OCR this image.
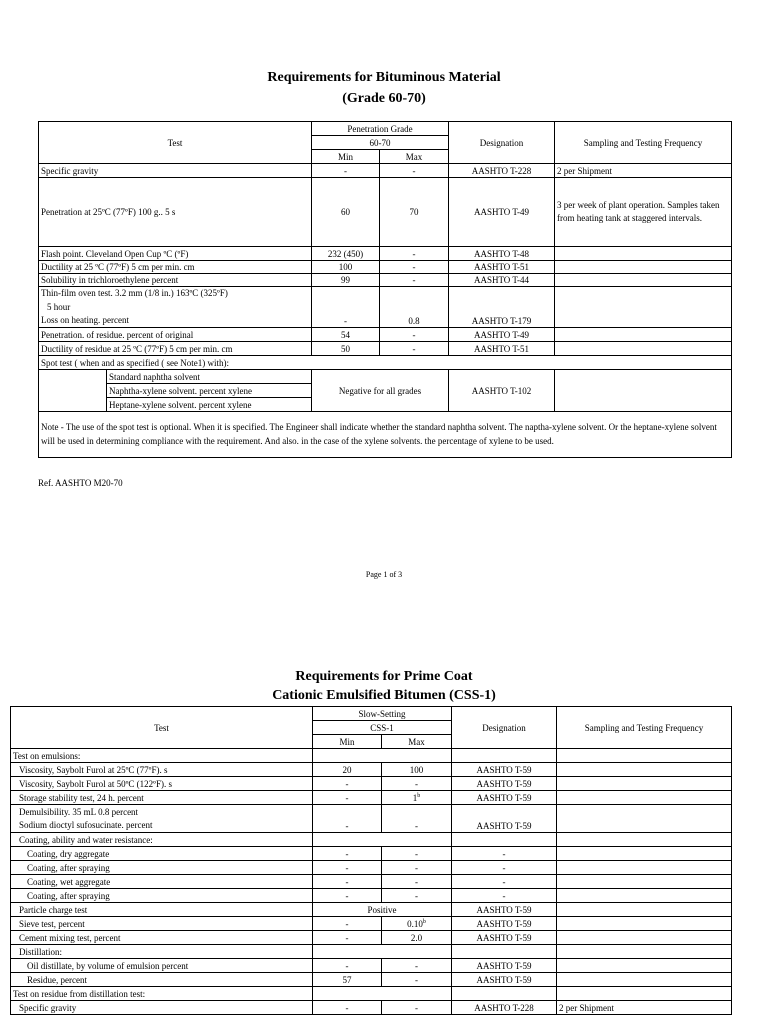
Requirements for Bituminous Material
(Grade 60-70)
Test		Penetration Grade		Designation	Sampling and Testing Frequency
		60-70			
		Min	Max		
Specific gravity		-	-	AASHTO T-228	2 per Shipment
Penetration at 25ºC (77ºF) 100 g.. 5 s		60	70	AASHTO T-49	3 per week of plant operation. Samples taken from heating tank at staggered intervals.
Flash point. Cleveland Open Cup ºC (ºF)		232 (450)	-	AASHTO T-48	
Ductility at 25 ºC (77ºF) 5 cm per min. cm		100	-	AASHTO T-51	
Solubility in trichloroethylene percent		99	-	AASHTO T-44	
Thin-film oven test. 3.2 mm (1/8 in.) 163ºC (325ºF)		-	0.8	AASHTO T-179	
5 hour					
Loss on heating. percent					
Penetration. of residue. percent of original		54	-	AASHTO T-49	
Ductility of residue at 25 ºC (77ºF) 5 cm per min. cm		50	-	AASHTO T-51	
Spot test ( when and as specified ( see Note1) with):					
	Standard naphtha solvent	Negative for all grades		AASHTO T-102	
	Naphtha-xylene solvent. percent xylene				
	Heptane-xylene solvent. percent xylene				
Note - The use of the spot test is optional. When it is specified. The Engineer shall indicate whether the standard naphtha solvent. The naptha-xylene solvent. Or the heptane-xylene solvent will be used in determining compliance with the requirement. And also. in the case of the xylene solvents. the percentage of xylene to be used.					
Ref. AASHTO M20-70
Page 1 of 3
Requirements for Prime Coat
Cationic Emulsified Bitumen (CSS-1)
Test	Slow-Setting		Designation	Sampling and Testing Frequency
	CSS-1			
	Min	Max		
Test on emulsions:				
Viscosity, Saybolt Furol at 25ºC (77ºF). s	20	100	AASHTO T-59	
Viscosity, Saybolt Furol at 50ºC (122ºF). s	-	-	AASHTO T-59	
Storage stability test, 24 h. percent	-	1$^b$	AASHTO T-59	
Demulsibility. 35 mL 0.8 percent	-	-	AASHTO T-59	
Sodium dioctyl sufosucinate. percent				
Coating, ability and water resistance:				
Coating, dry aggregate	-	-	-	
Coating, after spraying	-	-	-	
Coating, wet aggregate	-	-	-	
Coating, after spraying	-	-	-	
Particle charge test	Positive		AASHTO T-59	
Sieve test, percent	-	0.10$^b$	AASHTO T-59	
Cement mixing test, percent	-	2.0	AASHTO T-59	
Distillation:				
Oil distillate, by volume of emulsion percent	-	-	AASHTO T-59	
Residue, percent	57	-	AASHTO T-59	
Test on residue from distillation test:				
Specific gravity	-	-	AASHTO T-228	2 per Shipment
